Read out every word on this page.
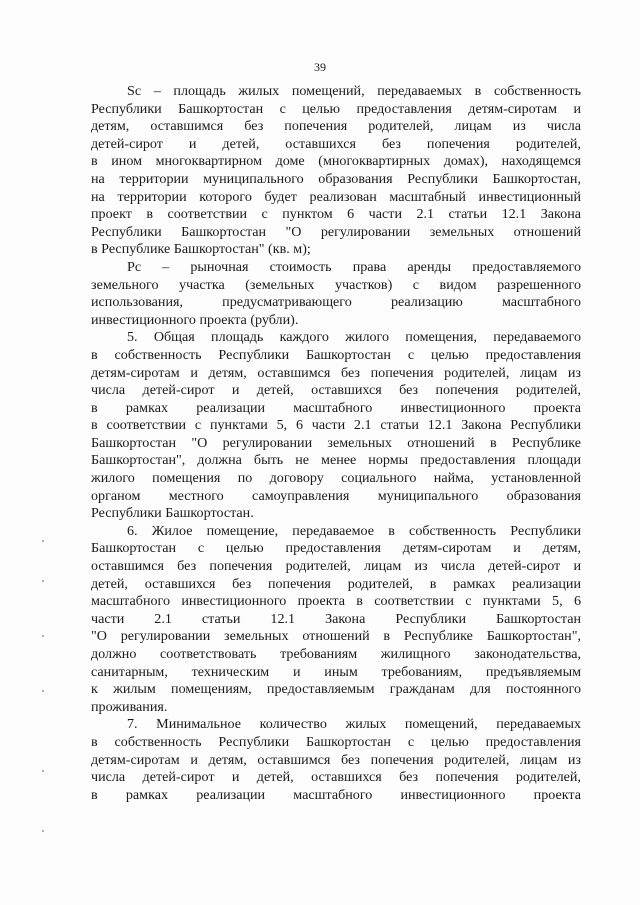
39
Sc – площадь жилых помещений, передаваемых в собственность
Республики Башкортостан с целью предоставления детям-сиротам и
детям, оставшимся без попечения родителей, лицам из числа
детей-сирот и детей, оставшихся без попечения родителей,
в ином многоквартирном доме (многоквартирных домах), находящемся
на территории муниципального образования Республики Башкортостан,
на территории которого будет реализован масштабный инвестиционный
проект в соответствии с пунктом 6 части 2.1 статьи 12.1 Закона
Республики Башкортостан "О регулировании земельных отношений
в Республике Башкортостан" (кв. м);
Pc – рыночная стоимость права аренды предоставляемого
земельного участка (земельных участков) с видом разрешенного
использования, предусматривающего реализацию масштабного
инвестиционного проекта (рубли).
5. Общая площадь каждого жилого помещения, передаваемого
в собственность Республики Башкортостан с целью предоставления
детям-сиротам и детям, оставшимся без попечения родителей, лицам из
числа детей-сирот и детей, оставшихся без попечения родителей,
в рамках реализации масштабного инвестиционного проекта
в соответствии с пунктами 5, 6 части 2.1 статьи 12.1 Закона Республики
Башкортостан "О регулировании земельных отношений в Республике
Башкортостан", должна быть не менее нормы предоставления площади
жилого помещения по договору социального найма, установленной
органом местного самоуправления муниципального образования
Республики Башкортостан.
6. Жилое помещение, передаваемое в собственность Республики
Башкортостан с целью предоставления детям-сиротам и детям,
оставшимся без попечения родителей, лицам из числа детей-сирот и
детей, оставшихся без попечения родителей, в рамках реализации
масштабного инвестиционного проекта в соответствии с пунктами 5, 6
части 2.1 статьи 12.1 Закона Республики Башкортостан
"О регулировании земельных отношений в Республике Башкортостан",
должно соответствовать требованиям жилищного законодательства,
санитарным, техническим и иным требованиям, предъявляемым
к жилым помещениям, предоставляемым гражданам для постоянного
проживания.
7. Минимальное количество жилых помещений, передаваемых
в собственность Республики Башкортостан с целью предоставления
детям-сиротам и детям, оставшимся без попечения родителей, лицам из
числа детей-сирот и детей, оставшихся без попечения родителей,
в рамках реализации масштабного инвестиционного проекта
